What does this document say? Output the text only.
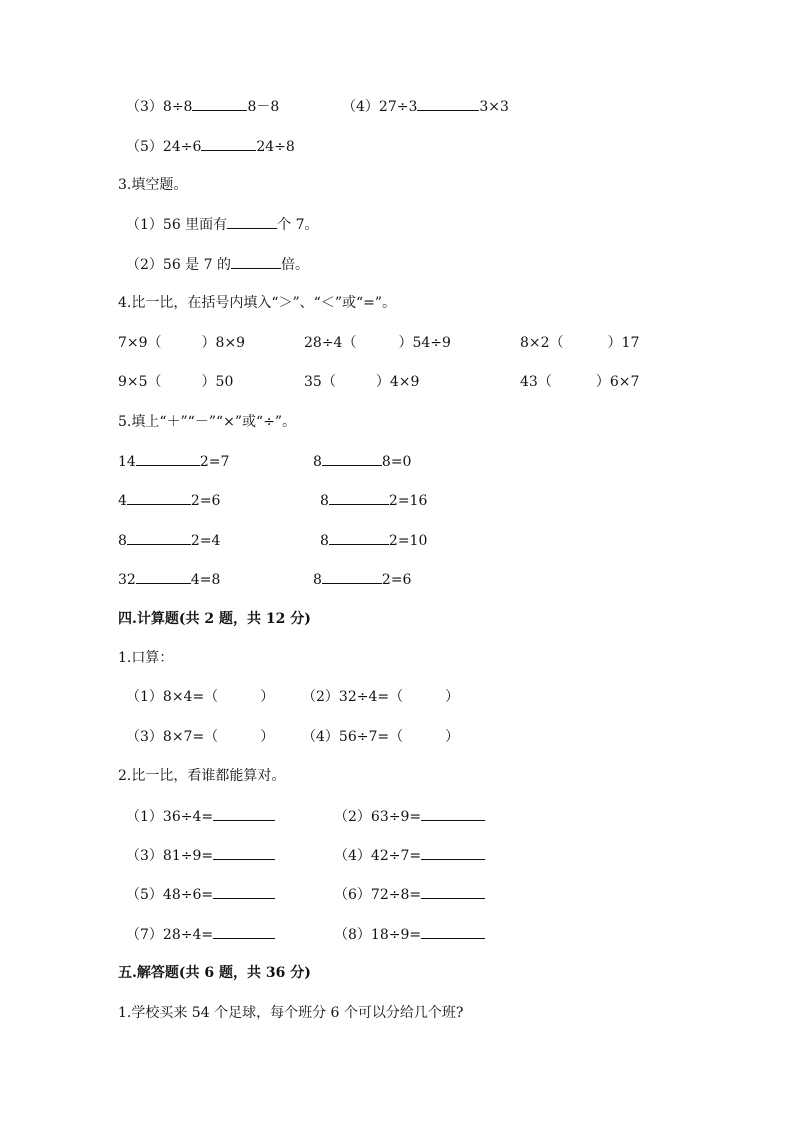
（3）8÷8	8－8	（4）27÷3	3×3
（5）24÷6	24÷8
3.填空题。
（1）56 里面有	个 7。
（2）56 是 7 的	倍。
4.比一比，在括号内填入“＞”、“＜”或“=”。
7×9（	）8×9	28÷4（	）54÷9	8×2（	）17
9×5（	）50	35（	）4×9	43（	）6×7
5.填上“＋”“－”“×”或“÷”。
14	2=7	8	8=0
4	2=6	8	2=16
8	2=4	8	2=10
32	4=8	8	2=6
四.计算题(共 2 题，共 12 分)
1.口算：
（1）8×4=（	） （2）32÷4=（	）
（3）8×7=（	） （4）56÷7=（	）
2.比一比，看谁都能算对。
（1）36÷4=	（2）63÷9=
（3）81÷9=	（4）42÷7=
（5）48÷6=	（6）72÷8=
（7）28÷4=	（8）18÷9=
五.解答题(共 6 题，共 36 分)
1.学校买来 54 个足球，每个班分 6 个可以分给几个班?
